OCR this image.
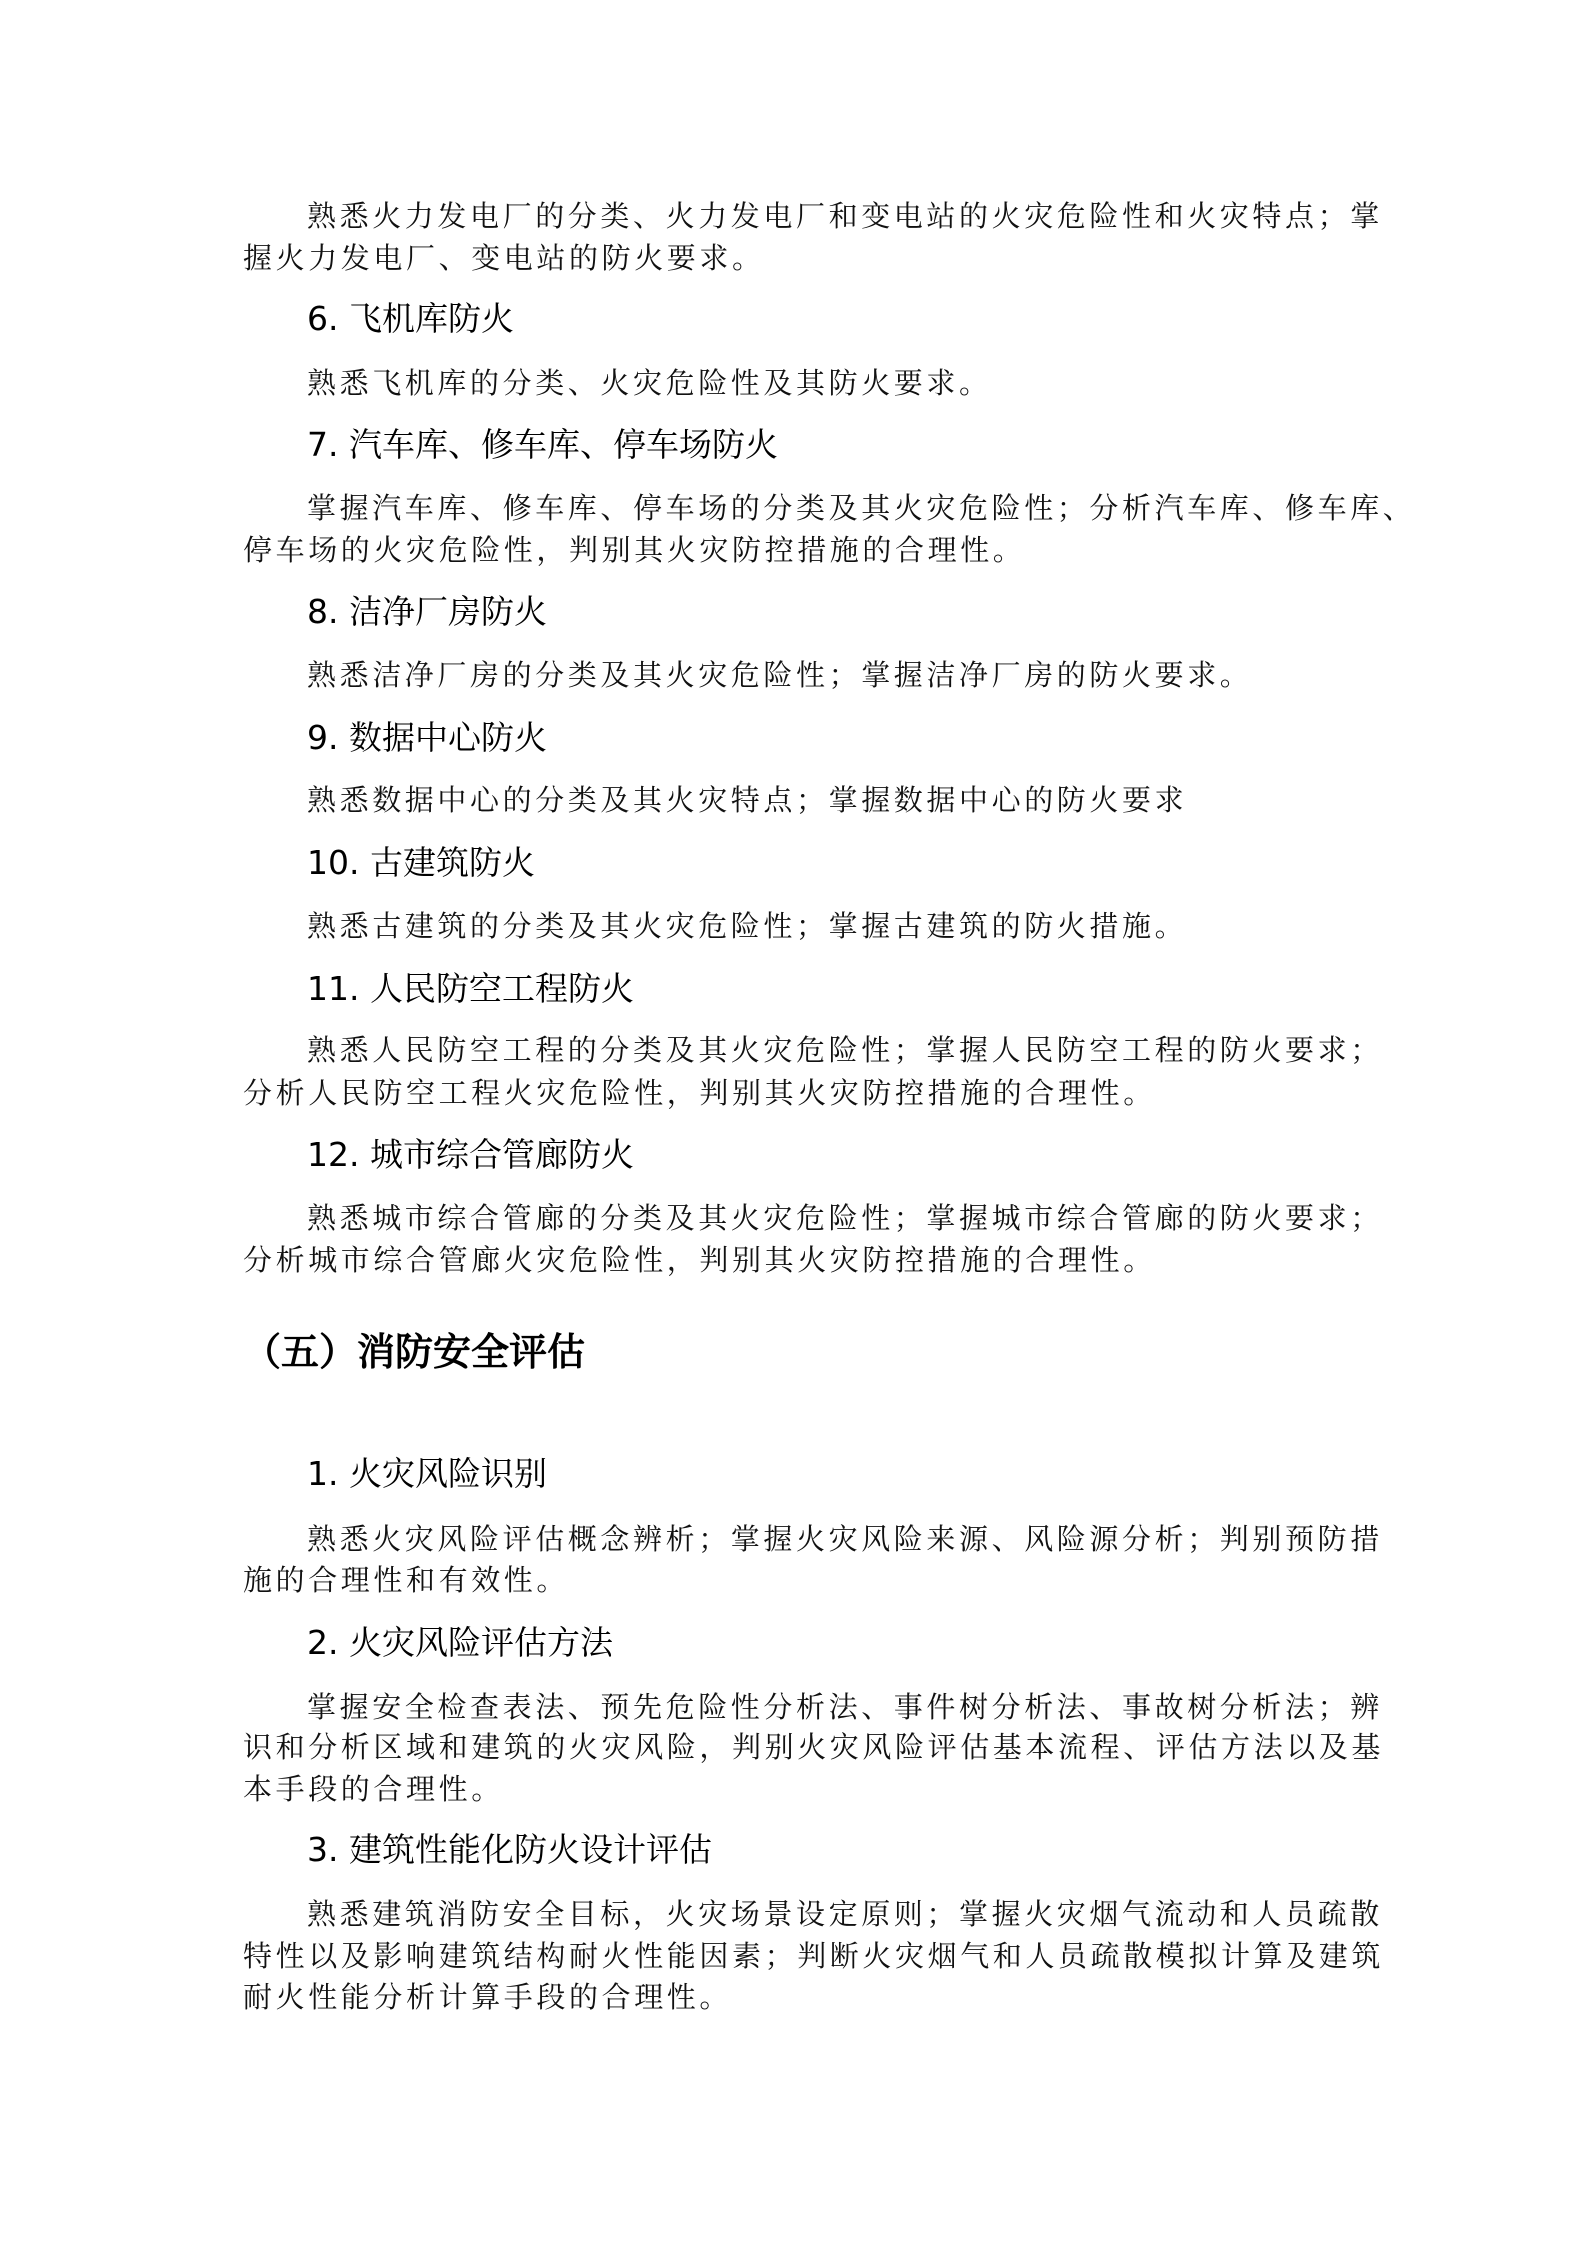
熟悉火力发电厂的分类、火力发电厂和变电站的火灾危险性和火灾特点；掌
握火力发电厂、变电站的防火要求。
6. 飞机库防火
熟悉飞机库的分类、火灾危险性及其防火要求。
7. 汽车库、修车库、停车场防火
掌握汽车库、修车库、停车场的分类及其火灾危险性；分析汽车库、修车库、
停车场的火灾危险性，判别其火灾防控措施的合理性。
8. 洁净厂房防火
熟悉洁净厂房的分类及其火灾危险性；掌握洁净厂房的防火要求。
9. 数据中心防火
熟悉数据中心的分类及其火灾特点；掌握数据中心的防火要求
10. 古建筑防火
熟悉古建筑的分类及其火灾危险性；掌握古建筑的防火措施。
11. 人民防空工程防火
熟悉人民防空工程的分类及其火灾危险性；掌握人民防空工程的防火要求；
分析人民防空工程火灾危险性，判别其火灾防控措施的合理性。
12. 城市综合管廊防火
熟悉城市综合管廊的分类及其火灾危险性；掌握城市综合管廊的防火要求；
分析城市综合管廊火灾危险性，判别其火灾防控措施的合理性。
（五）消防安全评估
1. 火灾风险识别
熟悉火灾风险评估概念辨析；掌握火灾风险来源、风险源分析；判别预防措
施的合理性和有效性。
2. 火灾风险评估方法
掌握安全检查表法、预先危险性分析法、事件树分析法、事故树分析法；辨
识和分析区域和建筑的火灾风险，判别火灾风险评估基本流程、评估方法以及基
本手段的合理性。
3. 建筑性能化防火设计评估
熟悉建筑消防安全目标，火灾场景设定原则；掌握火灾烟气流动和人员疏散
特性以及影响建筑结构耐火性能因素；判断火灾烟气和人员疏散模拟计算及建筑
耐火性能分析计算手段的合理性。
